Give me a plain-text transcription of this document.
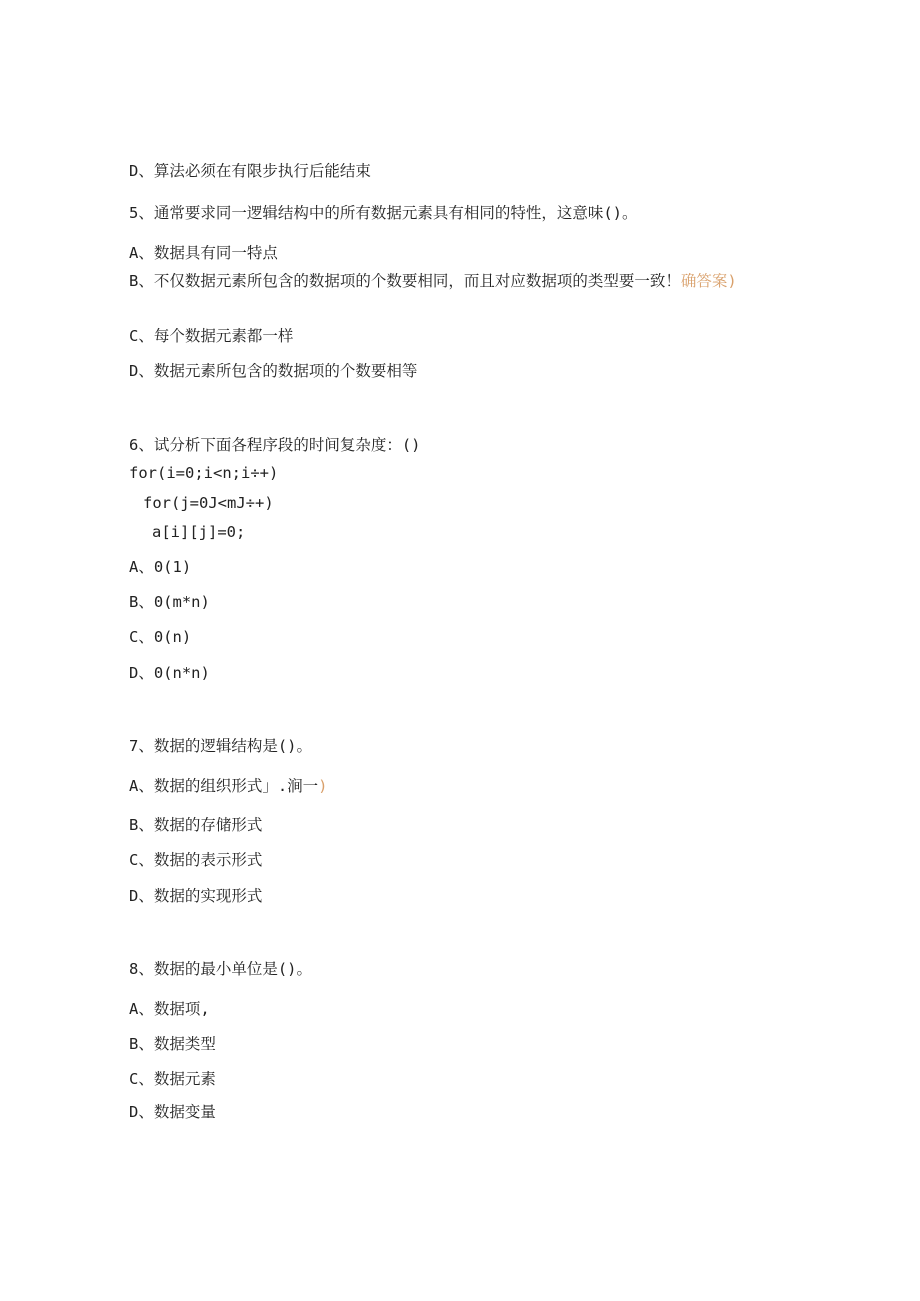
D、算法必须在有限步执行后能结束
5、通常要求同一逻辑结构中的所有数据元素具有相同的特性，这意味()。
A、数据具有同一特点
B、不仅数据元素所包含的数据项的个数要相同，而且对应数据项的类型要一致！确答案)
C、每个数据元素都一样
D、数据元素所包含的数据项的个数要相等
6、试分析下面各程序段的时间复杂度：()
for(i=0;i<n;i÷+)
for(j=0J<mJ÷+)
a[i][j]=0;
A、0(1)
B、0(m*n)
C、0(n)
D、0(n*n)
7、数据的逻辑结构是()。
A、数据的组织形式」.涧一)
B、数据的存储形式
C、数据的表示形式
D、数据的实现形式
8、数据的最小单位是()。
A、数据项,
B、数据类型
C、数据元素
D、数据变量
